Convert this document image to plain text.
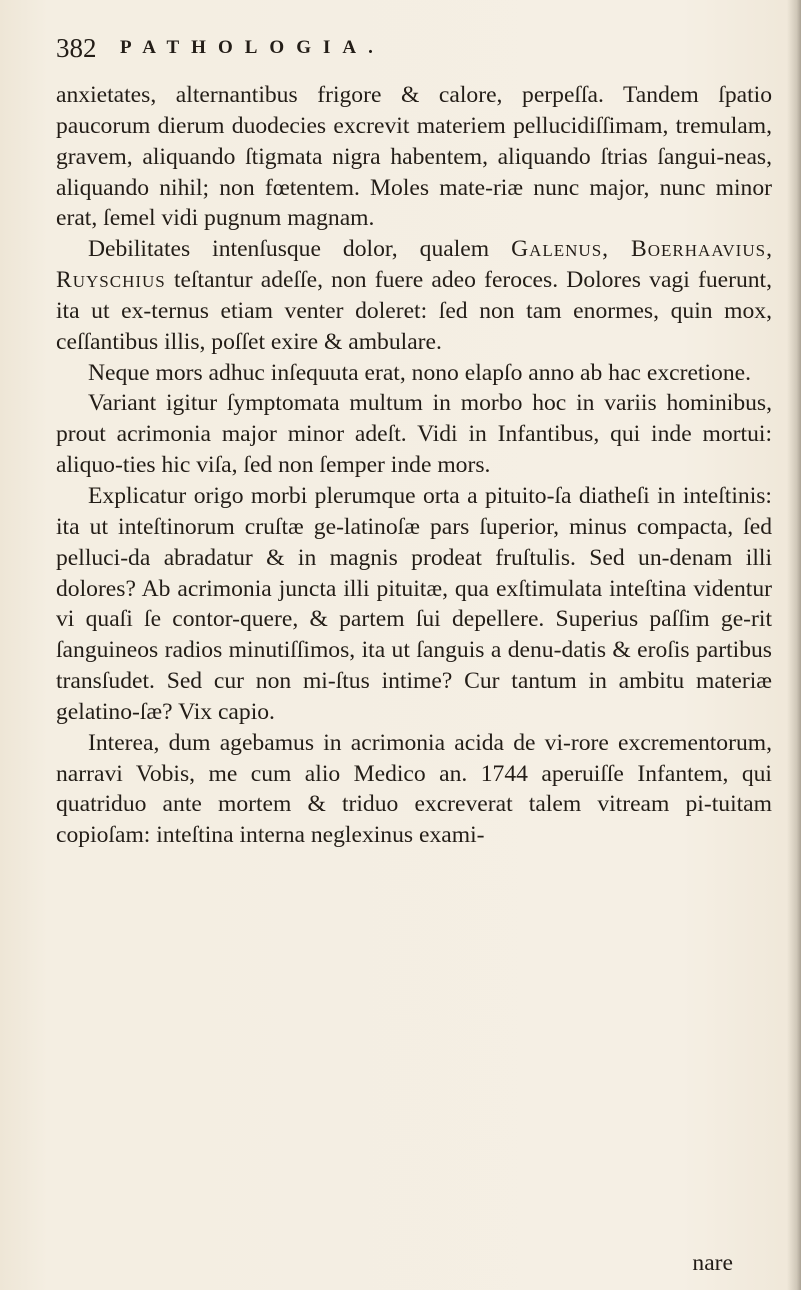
382 PATHOLOGIA.

anxietates, alternantibus frigore & calore, perpeſſa. Tandem ſpatio paucorum dierum duodecies excrevit materiem pellucidiſſimam, tremulam, gravem, aliquando ſtigmata nigra habentem, aliquando ſtrias ſangui-neas, aliquando nihil; non fœtentem. Moles mate-riæ nunc major, nunc minor erat, ſemel vidi pugnum magnam.

Debilitates intenſusque dolor, qualem Galenus, Boerhaavius, Ruyschius teſtantur adeſſe, non fuere adeo feroces. Dolores vagi fuerunt, ita ut ex-ternus etiam venter doleret: ſed non tam enormes, quin mox, ceſſantibus illis, poſſet exire & ambulare.

Neque mors adhuc inſequuta erat, nono elapſo anno ab hac excretione.

Variant igitur ſymptomata multum in morbo hoc in variis hominibus, prout acrimonia major minor adeſt. Vidi in Infantibus, qui inde mortui: aliquo-ties hic viſa, ſed non ſemper inde mors.

Explicatur origo morbi plerumque orta a pituito-ſa diatheſi in inteſtinis: ita ut inteſtinorum cruſtæ ge-latinoſæ pars ſuperior, minus compacta, ſed pelluci-da abradatur & in magnis prodeat fruſtulis. Sed un-denam illi dolores? Ab acrimonia juncta illi pituitæ, qua exſtimulata inteſtina videntur vi quaſi ſe contor-quere, & partem ſui depellere. Superius paſſim ge-rit ſanguineos radios minutiſſimos, ita ut ſanguis a denu-datis & eroſis partibus transſudet. Sed cur non mi-ſtus intime? Cur tantum in ambitu materiæ gelatino-ſæ? Vix capio.

Interea, dum agebamus in acrimonia acida de vi-rore excrementorum, narravi Vobis, me cum alio Medico an. 1744 aperuiſſe Infantem, qui quatriduo ante mortem & triduo excreverat talem vitream pi-tuitam copioſam: inteſtina interna neglexinus exami-

nare
